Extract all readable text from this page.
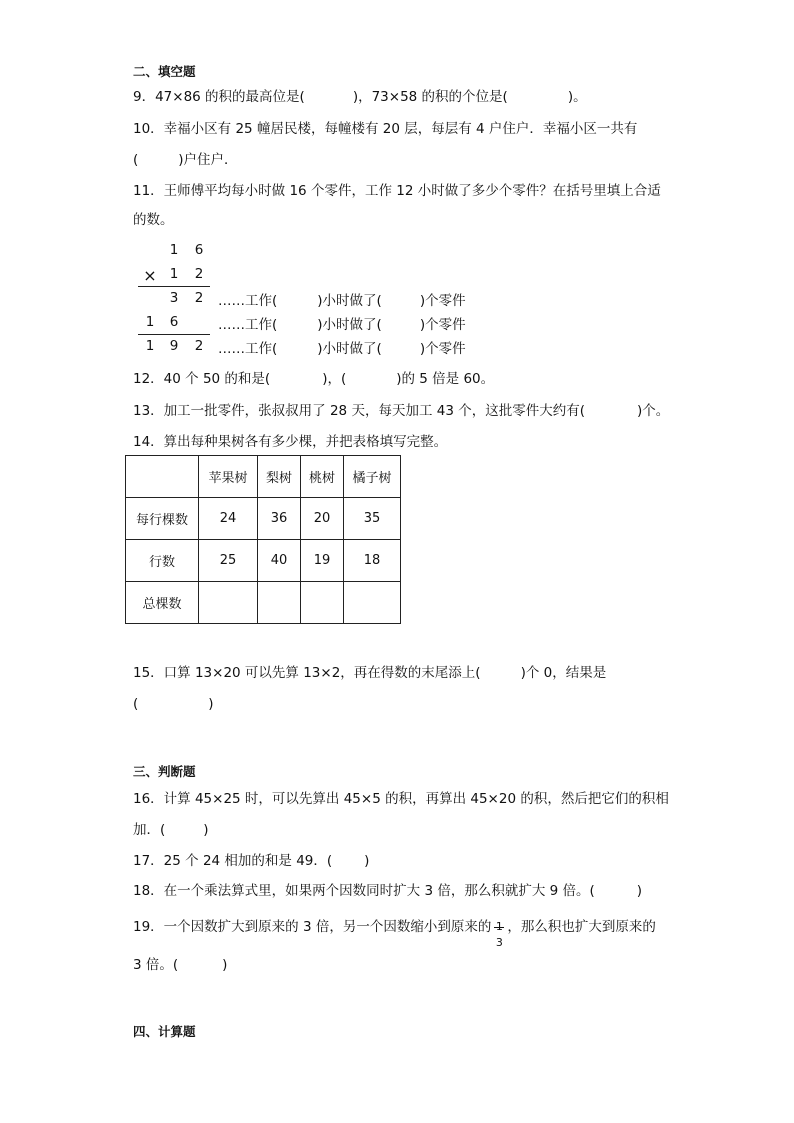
二、填空题
9．47×86 的积的最高位是(	)，73×58 的积的个位是(	)。
10．幸福小区有 25 幢居民楼，每幢楼有 20 层，每层有 4 户住户．幸福小区一共有
(	)户住户．
11．王师傅平均每小时做 16 个零件，工作 12 小时做了多少个零件？在括号里填上合适
的数。
1 6
× 1 2
3 2
1 6
1 9 2
……工作(	)小时做了(	)个零件
……工作(	)小时做了(	)个零件
……工作(	)小时做了(	)个零件
12．40 个 50 的和是(	)，(	)的 5 倍是 60。
13．加工一批零件，张叔叔用了 28 天，每天加工 43 个，这批零件大约有(	)个。
14．算出每种果树各有多少棵，并把表格填写完整。
	苹果树	梨树	桃树	橘子树
每行棵数	24	36	20	35
行数	25	40	19	18
总棵数				
15．口算 13×20 可以先算 13×2，再在得数的末尾添上(	)个 0，结果是
(	)
三、判断题
16．计算 45×25 时，可以先算出 45×5 的积，再算出 45×20 的积，然后把它们的积相
加．(	)
17．25 个 24 相加的和是 49．( )
18．在一个乘法算式里，如果两个因数同时扩大 3 倍，那么积就扩大 9 倍。(	)
19．一个因数扩大到原来的 3 倍，另一个因数缩小到原来的 1
3
，那么积也扩大到原来的
3 倍。(	)
四、计算题
